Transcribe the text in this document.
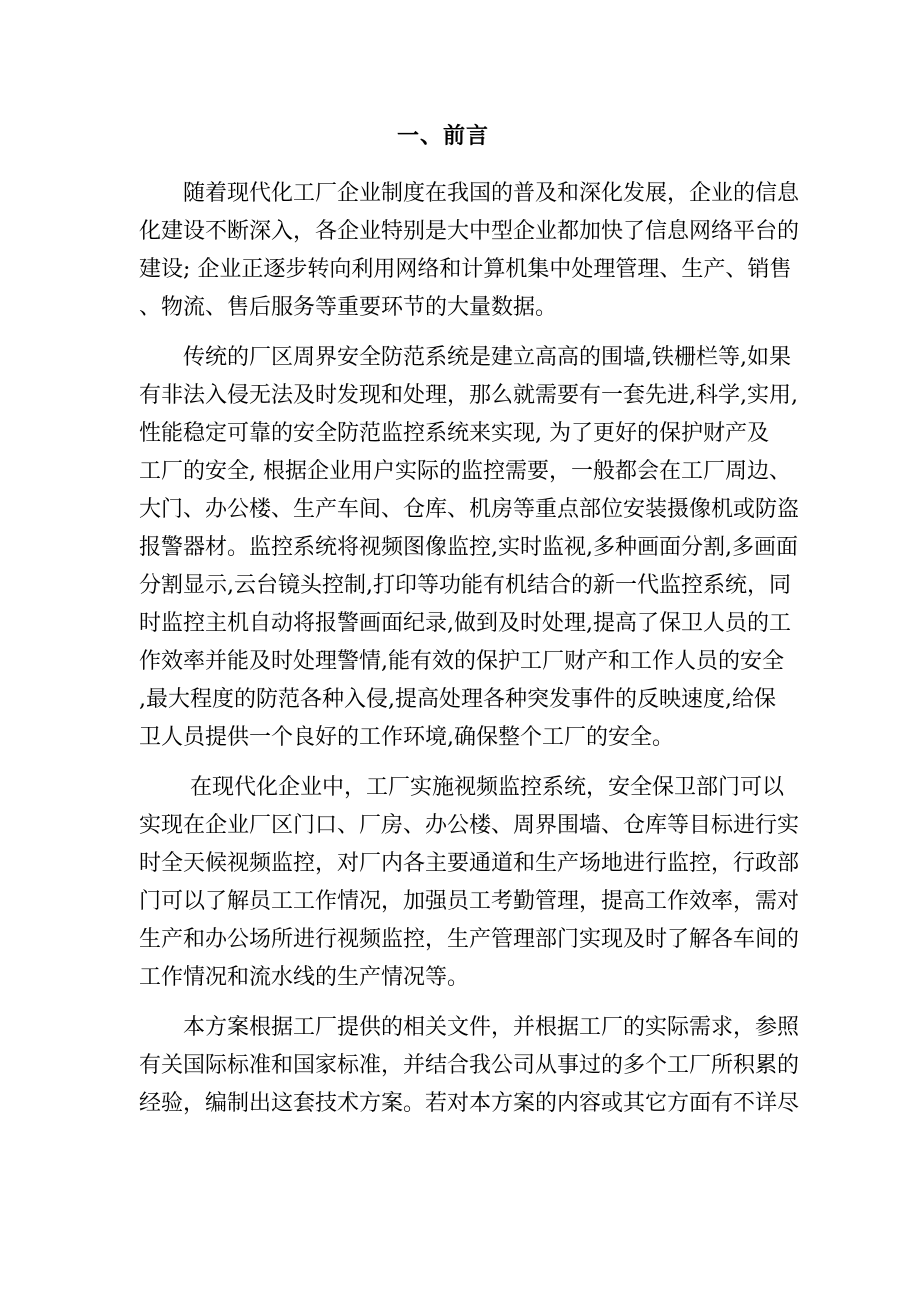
一、前言
随着现代化工厂企业制度在我国的普及和深化发展，企业的信息
化建设不断深入，各企业特别是大中型企业都加快了信息网络平台的
建设; 企业正逐步转向利用网络和计算机集中处理管理、生产、销售
、物流、售后服务等重要环节的大量数据。
传统的厂区周界安全防范系统是建立高高的围墙,铁栅栏等,如果
有非法入侵无法及时发现和处理，那么就需要有一套先进,科学,实用,
性能稳定可靠的安全防范监控系统来实现, 为了更好的保护财产及
工厂的安全, 根据企业用户实际的监控需要，一般都会在工厂周边、
大门、办公楼、生产车间、仓库、机房等重点部位安装摄像机或防盗
报警器材。监控系统将视频图像监控,实时监视,多种画面分割,多画面
分割显示,云台镜头控制,打印等功能有机结合的新一代监控系统，同
时监控主机自动将报警画面纪录,做到及时处理,提高了保卫人员的工
作效率并能及时处理警情,能有效的保护工厂财产和工作人员的安全
,最大程度的防范各种入侵,提高处理各种突发事件的反映速度,给保
卫人员提供一个良好的工作环境,确保整个工厂的安全。
在现代化企业中，工厂实施视频监控系统，安全保卫部门可以
实现在企业厂区门口、厂房、办公楼、周界围墙、仓库等目标进行实
时全天候视频监控，对厂内各主要通道和生产场地进行监控，行政部
门可以了解员工工作情况，加强员工考勤管理，提高工作效率，需对
生产和办公场所进行视频监控，生产管理部门实现及时了解各车间的
工作情况和流水线的生产情况等。
本方案根据工厂提供的相关文件，并根据工厂的实际需求，参照
有关国际标准和国家标准，并结合我公司从事过的多个工厂所积累的
经验，编制出这套技术方案。若对本方案的内容或其它方面有不详尽
